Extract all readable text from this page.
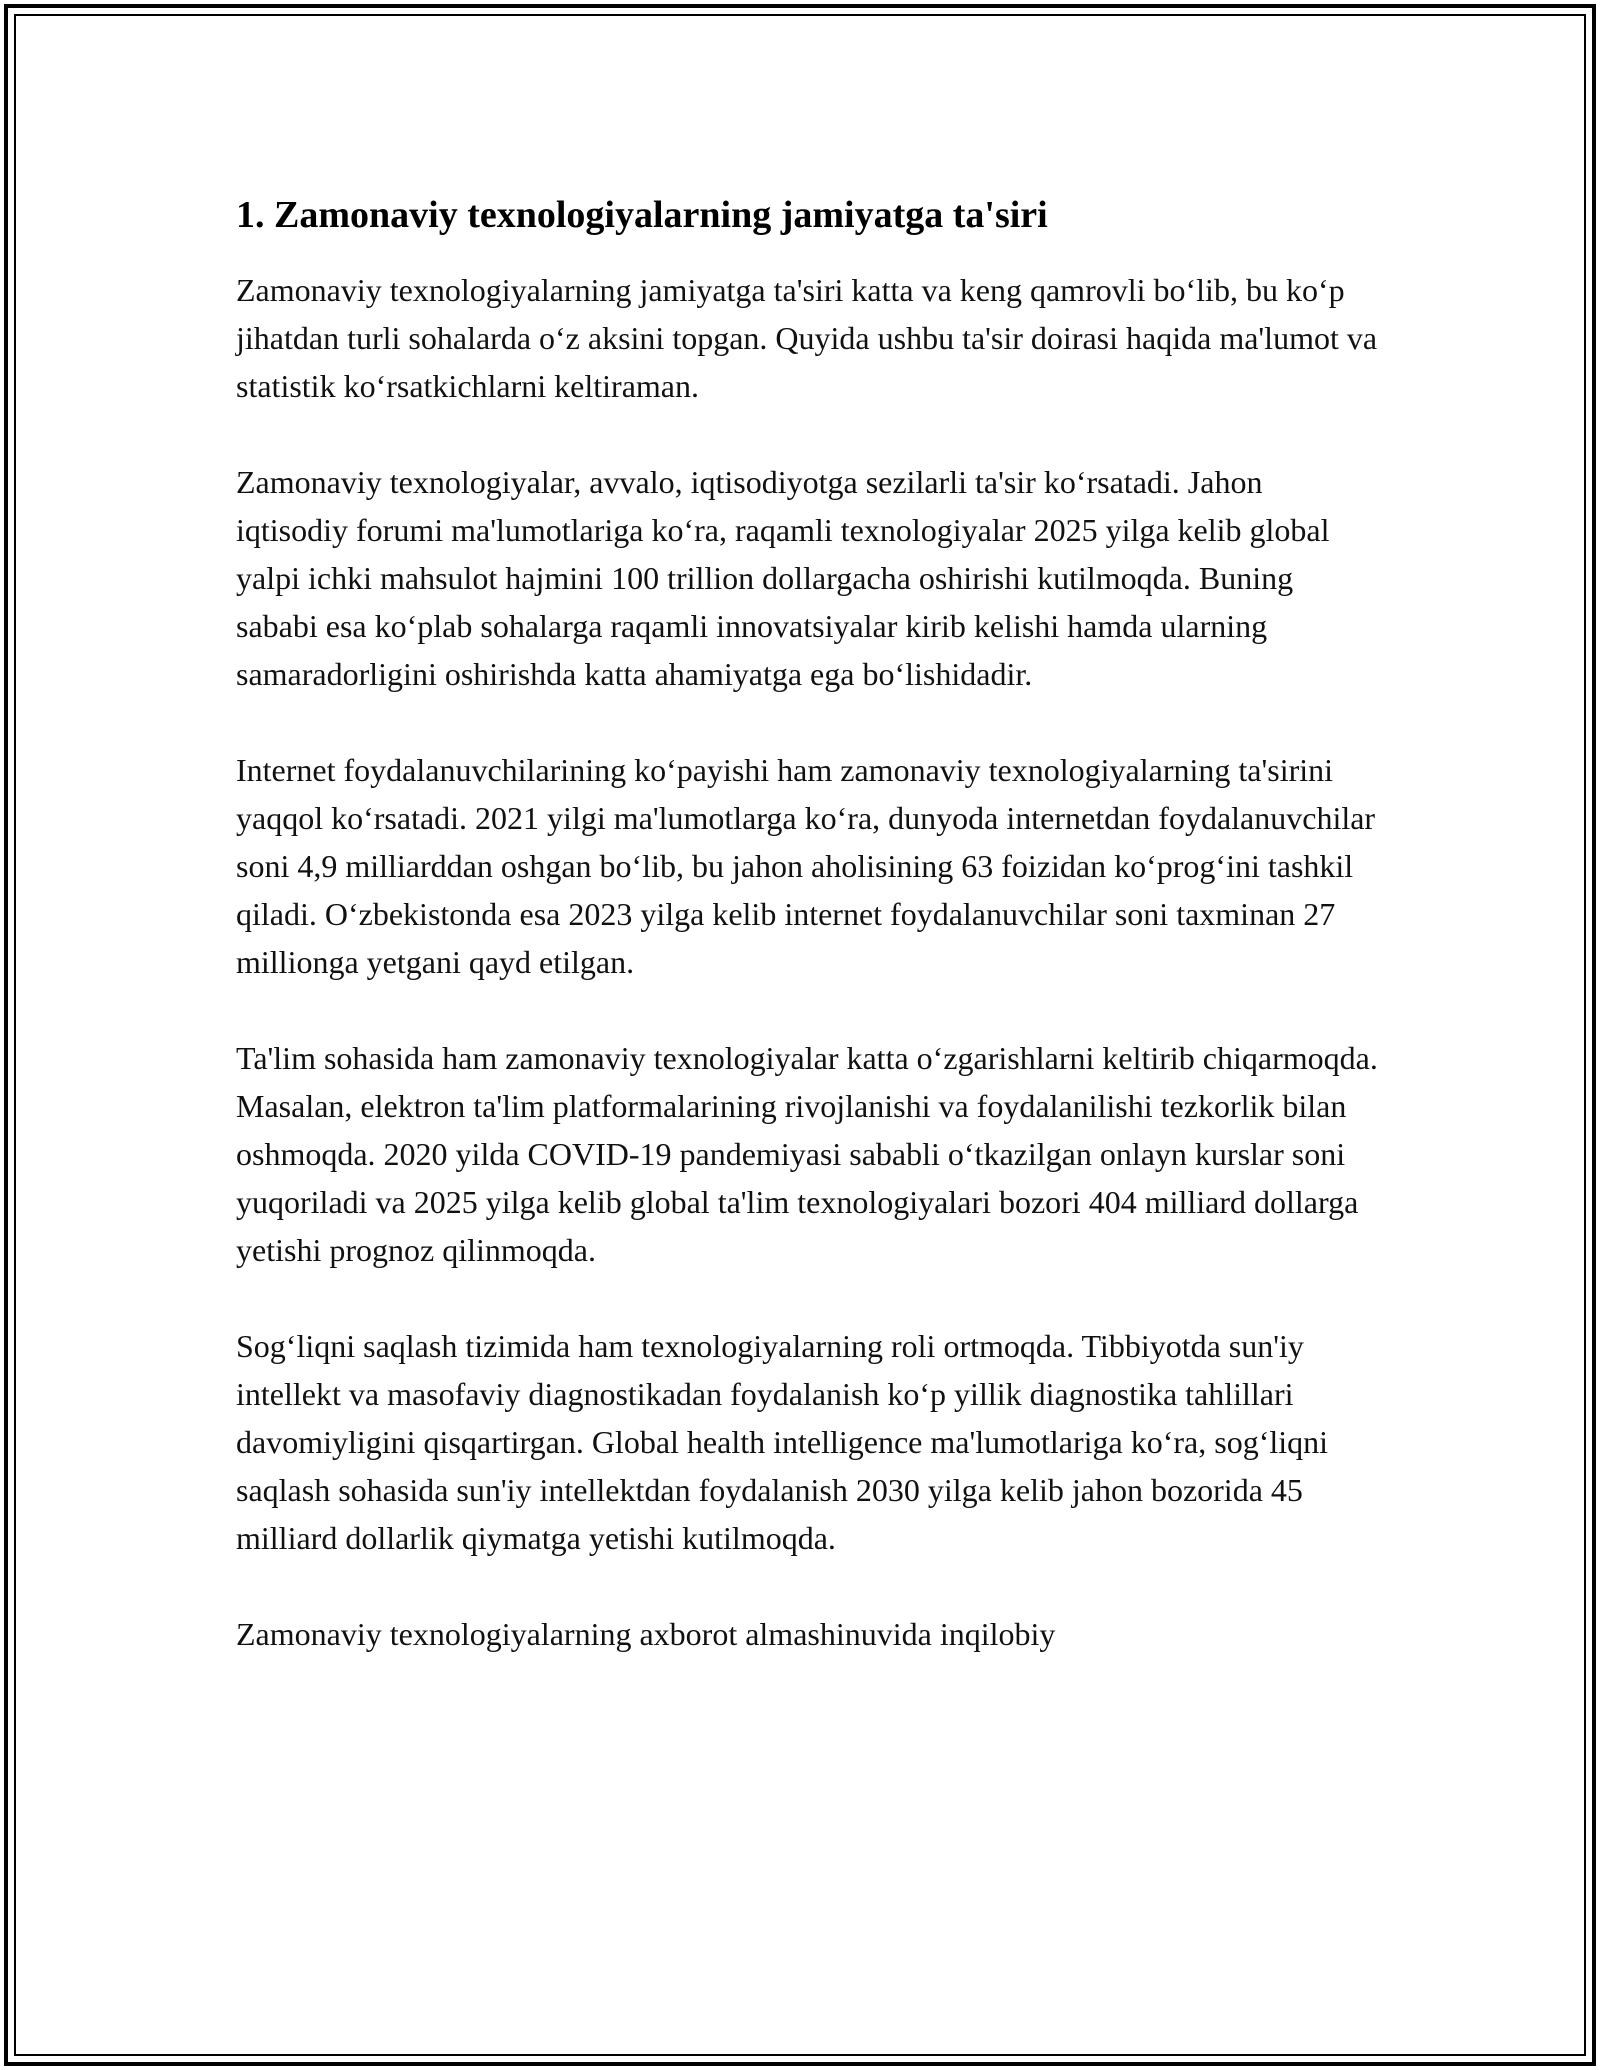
1. Zamonaviy texnologiyalarning jamiyatga ta'siri

Zamonaviy texnologiyalarning jamiyatga ta'siri katta va keng qamrovli bo‘lib, bu ko‘p jihatdan turli sohalarda o‘z aksini topgan. Quyida ushbu ta'sir doirasi haqida ma'lumot va statistik ko‘rsatkichlarni keltiraman.

Zamonaviy texnologiyalar, avvalo, iqtisodiyotga sezilarli ta'sir ko‘rsatadi. Jahon iqtisodiy forumi ma'lumotlariga ko‘ra, raqamli texnologiyalar 2025 yilga kelib global yalpi ichki mahsulot hajmini 100 trillion dollargacha oshirishi kutilmoqda. Buning sababi esa ko‘plab sohalarga raqamli innovatsiyalar kirib kelishi hamda ularning samaradorligini oshirishda katta ahamiyatga ega bo‘lishidadir.

Internet foydalanuvchilarining ko‘payishi ham zamonaviy texnologiyalarning ta'sirini yaqqol ko‘rsatadi. 2021 yilgi ma'lumotlarga ko‘ra, dunyoda internetdan foydalanuvchilar soni 4,9 milliarddan oshgan bo‘lib, bu jahon aholisining 63 foizidan ko‘prog‘ini tashkil qiladi. O‘zbekistonda esa 2023 yilga kelib internet foydalanuvchilar soni taxminan 27 millionga yetgani qayd etilgan.

Ta'lim sohasida ham zamonaviy texnologiyalar katta o‘zgarishlarni keltirib chiqarmoqda. Masalan, elektron ta'lim platformalarining rivojlanishi va foydalanilishi tezkorlik bilan oshmoqda. 2020 yilda COVID-19 pandemiyasi sababli o‘tkazilgan onlayn kurslar soni yuqoriladi va 2025 yilga kelib global ta'lim texnologiyalari bozori 404 milliard dollarga yetishi prognoz qilinmoqda.

Sog‘liqni saqlash tizimida ham texnologiyalarning roli ortmoqda. Tibbiyotda sun'iy intellekt va masofaviy diagnostikadan foydalanish ko‘p yillik diagnostika tahlillari davomiyligini qisqartirgan. Global health intelligence ma'lumotlariga ko‘ra, sog‘liqni saqlash sohasida sun'iy intellektdan foydalanish 2030 yilga kelib jahon bozorida 45 milliard dollarlik qiymatga yetishi kutilmoqda.

Zamonaviy texnologiyalarning axborot almashinuvida inqilobiy
